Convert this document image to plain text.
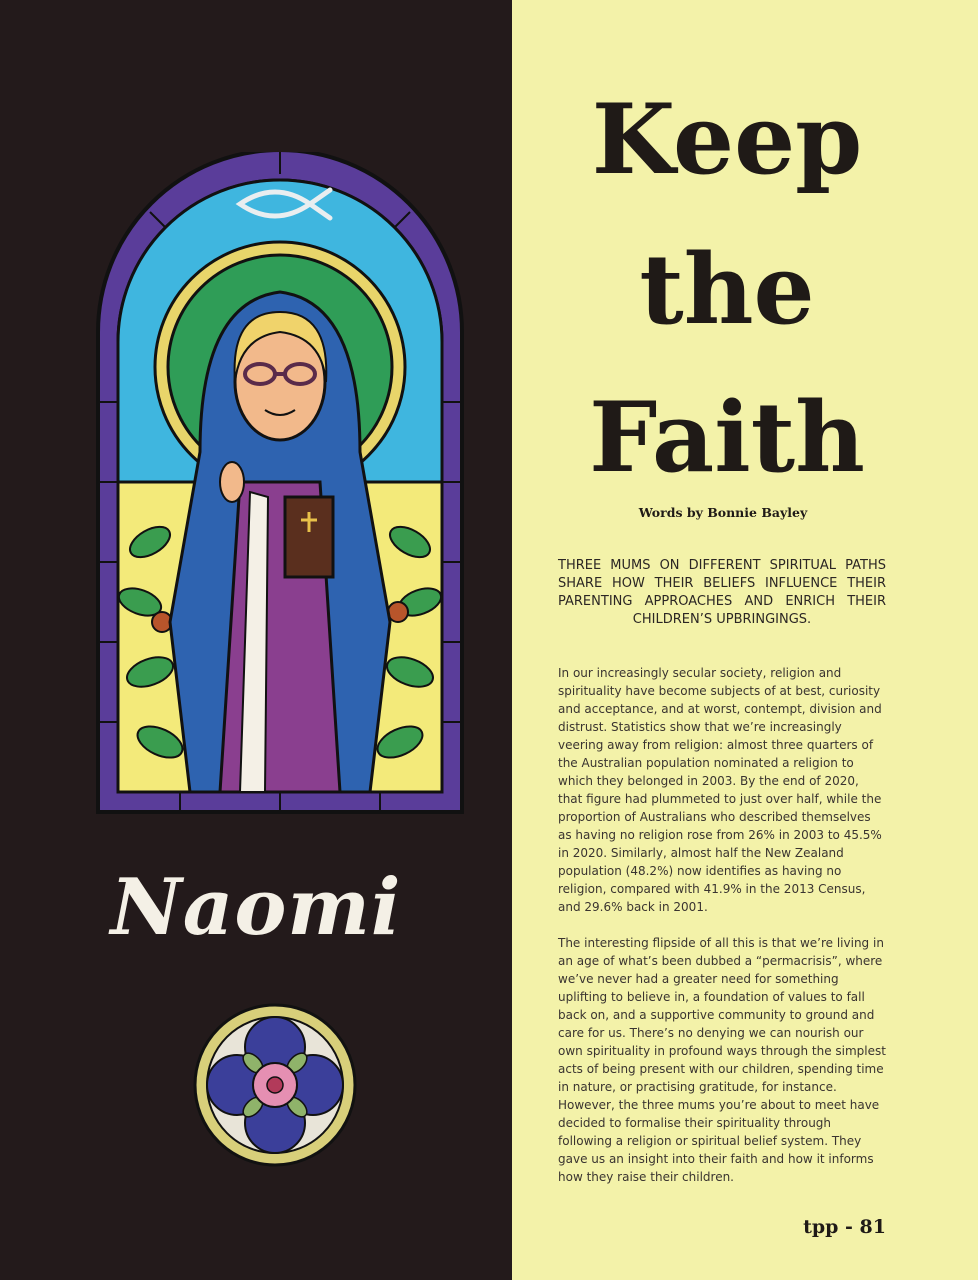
Naomi
Keep
the
Faith
Words by Bonnie Bayley
THREE MUMS ON DIFFERENT SPIRITUAL PATHS SHARE HOW THEIR BELIEFS INFLUENCE THEIR PARENTING APPROACHES AND ENRICH THEIR CHILDREN’S UPBRINGINGS.

In our increasingly secular society, religion and spirituality have become subjects of at best, curiosity and acceptance, and at worst, contempt, division and distrust. Statistics show that we’re increasingly veering away from religion: almost three quarters of the Australian population nominated a religion to which they belonged in 2003. By the end of 2020, that figure had plummeted to just over half, while the proportion of Australians who described themselves as having no religion rose from 26% in 2003 to 45.5% in 2020. Similarly, almost half the New Zealand population (48.2%) now identifies as having no religion, compared with 41.9% in the 2013 Census, and 29.6% back in 2001.

The interesting flipside of all this is that we’re living in an age of what’s been dubbed a “permacrisis”, where we’ve never had a greater need for something uplifting to believe in, a foundation of values to fall back on, and a supportive community to ground and care for us. There’s no denying we can nourish our own spirituality in profound ways through the simplest acts of being present with our children, spending time in nature, or practising gratitude, for instance. However, the three mums you’re about to meet have decided to formalise their spirituality through following a religion or spiritual belief system. They gave us an insight into their faith and how it informs how they raise their children.

tpp - 81
